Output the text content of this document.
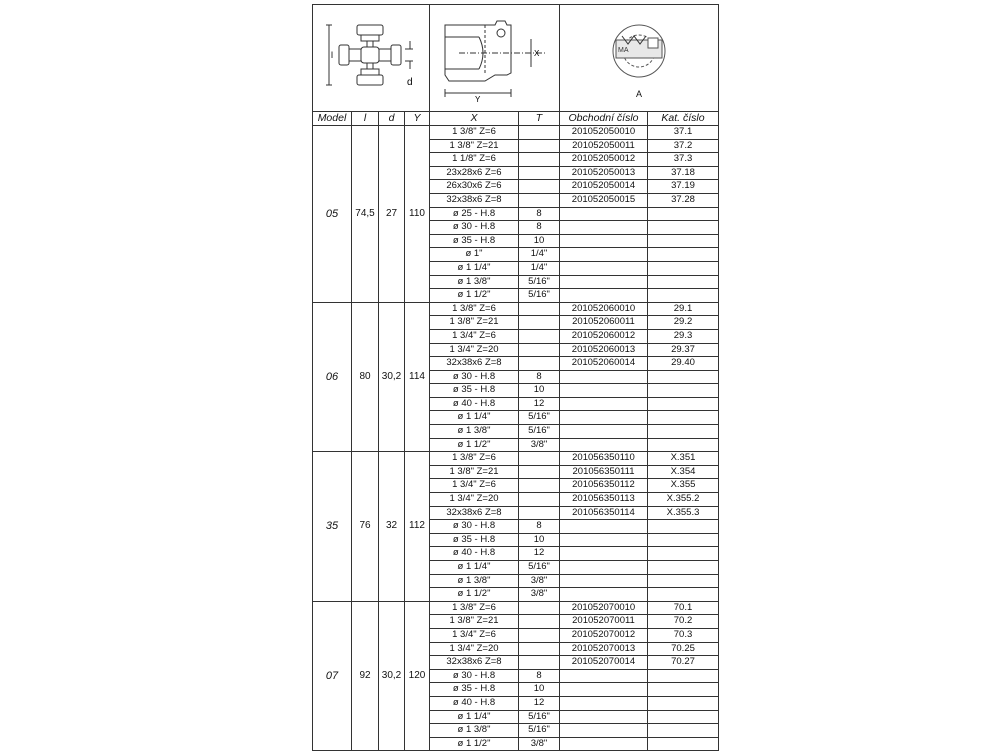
l
d				X
Y		MA
A	

Model	l	d	Y	X	T	Obchodní číslo	Kat. číslo
05	74,5	27	110	1 3/8" Z=6		201052050010	37.1
				1 3/8" Z=21		201052050011	37.2
				1 1/8" Z=6		201052050012	37.3
				23x28x6 Z=6		201052050013	37.18
				26x30x6 Z=6		201052050014	37.19
				32x38x6 Z=8		201052050015	37.28
				ø 25 - H.8	8		
				ø 30 - H.8	8		
				ø 35 - H.8	10		
				ø 1"	1/4"		
				ø 1 1/4"	1/4"		
				ø 1 3/8"	5/16"		
				ø 1 1/2"	5/16"		
06	80	30,2	114	1 3/8" Z=6		201052060010	29.1
				1 3/8" Z=21		201052060011	29.2
				1 3/4" Z=6		201052060012	29.3
				1 3/4" Z=20		201052060013	29.37
				32x38x6 Z=8		201052060014	29.40
				ø 30 - H.8	8		
				ø 35 - H.8	10		
				ø 40 - H.8	12		
				ø 1 1/4"	5/16"		
				ø 1 3/8"	5/16"		
				ø 1 1/2"	3/8"		
35	76	32	112	1 3/8" Z=6		201056350110	X.351
				1 3/8" Z=21		201056350111	X.354
				1 3/4" Z=6		201056350112	X.355
				1 3/4" Z=20		201056350113	X.355.2
				32x38x6 Z=8		201056350114	X.355.3
				ø 30 - H.8	8		
				ø 35 - H.8	10		
				ø 40 - H.8	12		
				ø 1 1/4"	5/16"		
				ø 1 3/8"	3/8"		
				ø 1 1/2"	3/8"		
07	92	30,2	120	1 3/8" Z=6		201052070010	70.1
				1 3/8" Z=21		201052070011	70.2
				1 3/4" Z=6		201052070012	70.3
				1 3/4" Z=20		201052070013	70.25
				32x38x6 Z=8		201052070014	70.27
				ø 30 - H.8	8		
				ø 35 - H.8	10		
				ø 40 - H.8	12		
				ø 1 1/4"	5/16"		
				ø 1 3/8"	5/16"		
				ø 1 1/2"	3/8"		
